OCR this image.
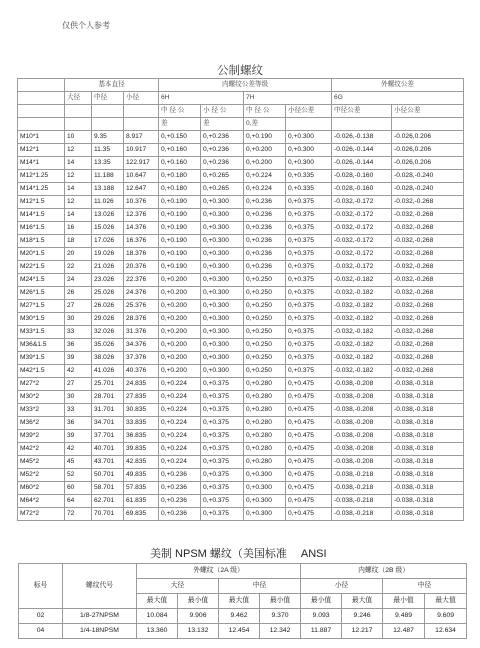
仅供个人参考
公制螺纹
	基本直径			内螺纹公差等级				外螺纹公差	
	大径	中径	小径	6H		7H		6G	
				中 径 公	小 径 公	中 径 公	小径公差	中径公差	小径公差
				差	差	0,差			
M10*1	10	9.35	8.917	0,+0.150	0,+0.236	0,+0.190	0,+0.300	-0.026,-0.138	-0.026,0.206
M12*1	12	11.35	10.917	0,+0.160	0,+0.236	0,+0.200	0,+0.300	-0.026,-0.144	-0.026,0.206
M14*1	14	13.35	122.917	0,+0.160	0,+0.236	0,+0.200	0,+0.300	-0.026,-0.144	-0.026,0.206
M12*1.25	12	11.188	10.647	0,+0.180	0,+0.265	0,+0.224	0,+0.335	-0.028,-0.160	-0.028,-0.240
M14*1.25	14	13.188	12.647	0,+0.180	0,+0.265	0,+0.224	0,+0.335	-0.028,-0.160	-0.028,-0.240
M12*1.5	12	11.026	10.376	0,+0.190	0,+0.300	0,+0.236	0,+0.375	-0.032,-0.172	-0.032,-0.268
M14*1.5	14	13.026	12.376	0,+0.190	0,+0.300	0,+0.236	0,+0.375	-0.032,-0.172	-0.032,-0.268
M16*1.5	16	15.026	14.376	0,+0.190	0,+0.300	0,+0.236	0,+0.375	-0.032,-0.172	-0.032,-0.268
M18*1.5	18	17.026	16.376	0,+0.190	0,+0.300	0,+0.236	0,+0.375	-0.032,-0.172	-0.032,-0.268
M20*1.5	20	19.026	18.376	0,+0.190	0,+0.300	0,+0.236	0,+0.375	-0.032,-0.172	-0.032,-0.268
M22*1.5	22	21.026	20.376	0,+0.190	0,+0.300	0,+0.236	0,+0.375	-0.032,-0.172	-0.032,-0.268
M24*1.5	24	23.026	22.376	0,+0.200	0,+0.300	0,+0.250	0,+0.375	-0.032,-0.182	-0.032,-0.268
M26*1.5	26	25.026	24.376	0,+0.200	0,+0.300	0,+0.250	0,+0.375	-0.032,-0.182	-0.032,-0.268
M27*1.5	27	26.026	25.376	0,+0.200	0,+0.300	0,+0.250	0,+0.375	-0.032,-0.182	-0.032,-0.268
M30*1.5	30	29.026	28.376	0,+0.200	0,+0.300	0,+0.250	0,+0.375	-0.032,-0.182	-0.032,-0.268
M33*1.5	33	32.026	31.376	0,+0.200	0,+0.300	0,+0.250	0,+0.375	-0.032,-0.182	-0.032,-0.268
M36&1.5	36	35.026	34.376	0,+0.200	0,+0.300	0,+0.250	0,+0.375	-0.032,-0.182	-0.032,-0.268
M39*1.5	39	38.026	37.376	0,+0.200	0,+0.300	0,+0.250	0,+0.375	-0.032,-0.182	-0.032,-0.268
M42*1.5	42	41.026	40.376	0,+0.200	0,+0.300	0,+0.250	0,+0.375	-0.032,-0.182	-0.032,-0.268
M27*2	27	25.701	24.835	0,+0.224	0,+0.375	0,+0.280	0,+0.475	-0.038,-0.208	-0.038,-0.318
M30*2	30	28.701	27.835	0,+0.224	0,+0.375	0,+0.280	0,+0.475	-0.038,-0.208	-0.038,-0.318
M33*2	33	31.701	30.835	0,+0.224	0,+0.375	0,+0.280	0,+0.475	-0.038,-0.208	-0.038,-0.318
M36*2	36	34.701	33.835	0,+0.224	0,+0.375	0,+0.280	0,+0.475	-0.038,-0.208	-0.038,-0.318
M39*2	39	37.701	36.835	0,+0.224	0,+0.375	0,+0.280	0,+0.475	-0.038,-0.208	-0.038,-0.318
M42*2	42	40.701	39.835	0,+0.224	0,+0.375	0,+0.280	0,+0.475	-0.038,-0.208	-0.038,-0.318
M45*2	45	43.701	42.835	0,+0.224	0,+0.375	0,+0.280	0,+0.475	-0.038,-0.208	-0.038,-0.318
M52*2	52	50.701	49.835	0,+0.236	0,+0.375	0,+0.300	0,+0.475	-0.038,-0.218	-0.038,-0.318
M60*2	60	58.701	57.835	0,+0.236	0,+0.375	0,+0.300	0,+0.475	-0.038,-0.218	-0.038,-0.318
M64*2	64	62.701	61.835	0,+0.236	0,+0.375	0,+0.300	0,+0.475	-0.038,-0.218	-0.038,-0.318
M72*2	72	70.701	69.835	0,+0.236	0,+0.375	0,+0.300	0,+0.475	-0.038,-0.218	-0.038,-0.318
美制 NPSM 螺纹（美国标准 ANSI
标号	螺纹代号	外螺纹（2A 级）				内螺纹（2B 级）			
		大径		中径		小径		中径	
		最大值	最小值	最大值	最小值	最小值	最大值	最小值	最大值
02	1/8-27NPSM	10.084	9.906	9.462	9.370	9.093	9.246	9.489	9.609
04	1/4-18NPSM	13.360	13.132	12.454	12.342	11.887	12.217	12.487	12.634
